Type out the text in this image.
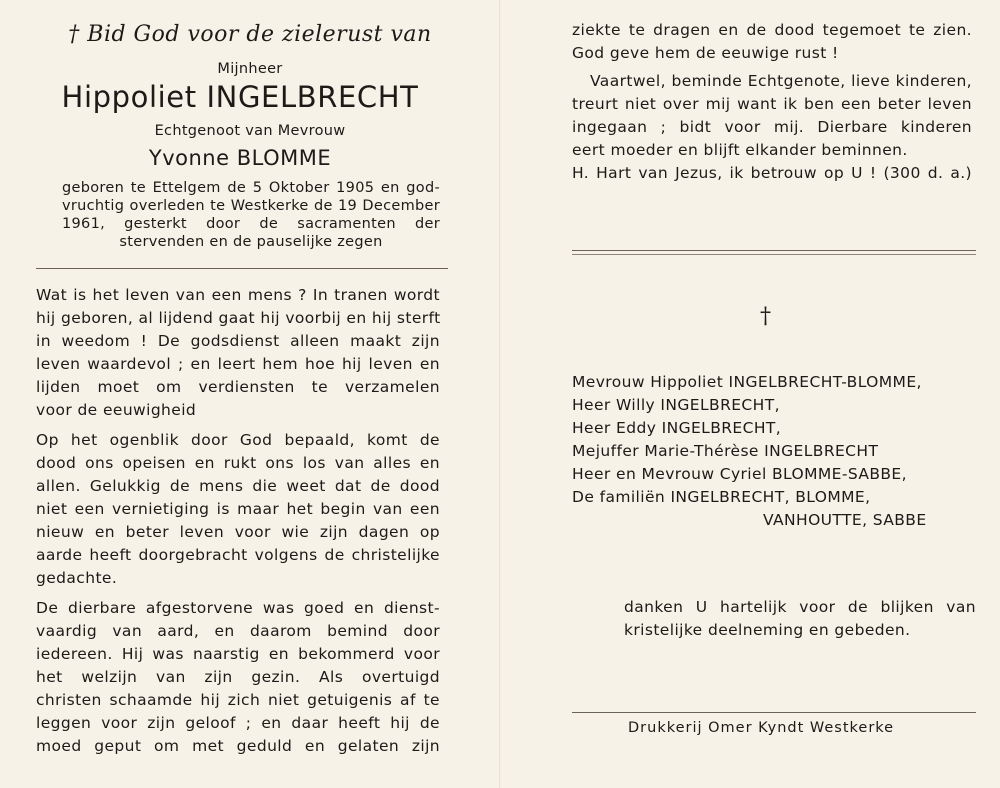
† Bid God voor de zielerust van
Mijnheer
Hippoliet INGELBRECHT
Echtgenoot van Mevrouw
Yvonne BLOMME
geboren te Ettelgem de 5 Oktober 1905 en god-
vruchtig overleden te Westkerke de 19 December
1961, gesterkt door de sacramenten der
stervenden en de pauselijke zegen
Wat is het leven van een mens ? In tranen wordt
hij geboren, al lijdend gaat hij voorbij en hij sterft
in weedom ! De godsdienst alleen maakt zijn
leven waardevol ; en leert hem hoe hij leven en
lijden moet om verdiensten te verzamelen
voor de eeuwigheid
Op het ogenblik door God bepaald, komt de
dood ons opeisen en rukt ons los van alles en
allen. Gelukkig de mens die weet dat de dood
niet een vernietiging is maar het begin van een
nieuw en beter leven voor wie zijn dagen op
aarde heeft doorgebracht volgens de christelijke
gedachte.
De dierbare afgestorvene was goed en dienst-
vaardig van aard, en daarom bemind door
iedereen. Hij was naarstig en bekommerd voor
het welzijn van zijn gezin. Als overtuigd
christen schaamde hij zich niet getuigenis af te
leggen voor zijn geloof ; en daar heeft hij de
moed geput om met geduld en gelaten zijn
ziekte te dragen en de dood tegemoet te zien.
God geve hem de eeuwige rust !
Vaartwel, beminde Echtgenote, lieve kinderen,
treurt niet over mij want ik ben een beter leven
ingegaan ; bidt voor mij. Dierbare kinderen
eert moeder en blijft elkander beminnen.
H. Hart van Jezus, ik betrouw op U ! (300 d. a.)
†
Mevrouw Hippoliet INGELBRECHT-BLOMME,
Heer Willy INGELBRECHT,
Heer Eddy INGELBRECHT,
Mejuffer Marie-Thérèse INGELBRECHT
Heer en Mevrouw Cyriel BLOMME-SABBE,
De familiën INGELBRECHT, BLOMME,
VANHOUTTE, SABBE
danken U hartelijk voor de blijken van
kristelijke deelneming en gebeden.
Drukkerij Omer Kyndt Westkerke
